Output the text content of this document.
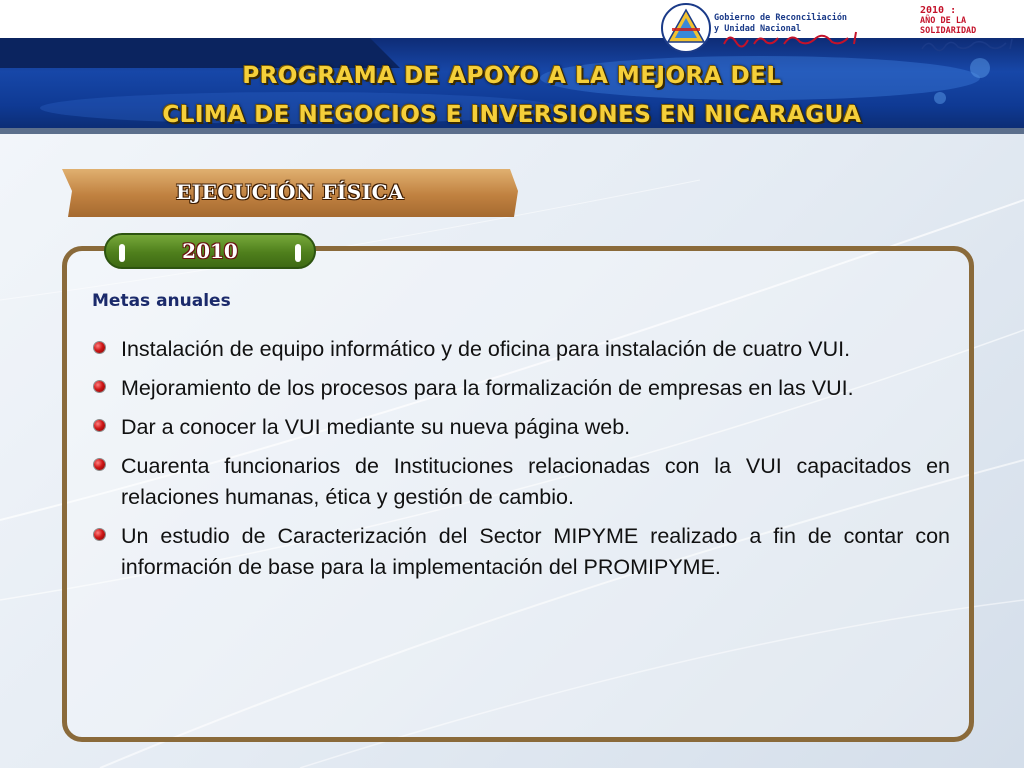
PROGRAMA DE APOYO A LA MEJORA DEL
CLIMA DE NEGOCIOS E INVERSIONES EN NICARAGUA
Gobierno de Reconciliación
y Unidad Nacional
2010 :
AÑO DE LA
SOLIDARIDAD
EJECUCIÓN FÍSICA
2010
Metas anuales
Instalación de equipo informático y de oficina para instalación de cuatro VUI.
Mejoramiento de los procesos para la formalización de empresas en las VUI.
Dar a conocer la VUI mediante su nueva página web.
Cuarenta funcionarios de Instituciones relacionadas con la VUI capacitados en relaciones humanas, ética y gestión de cambio.
Un estudio de Caracterización del Sector MIPYME realizado a fin de contar con información de base para la implementación del PROMIPYME.
